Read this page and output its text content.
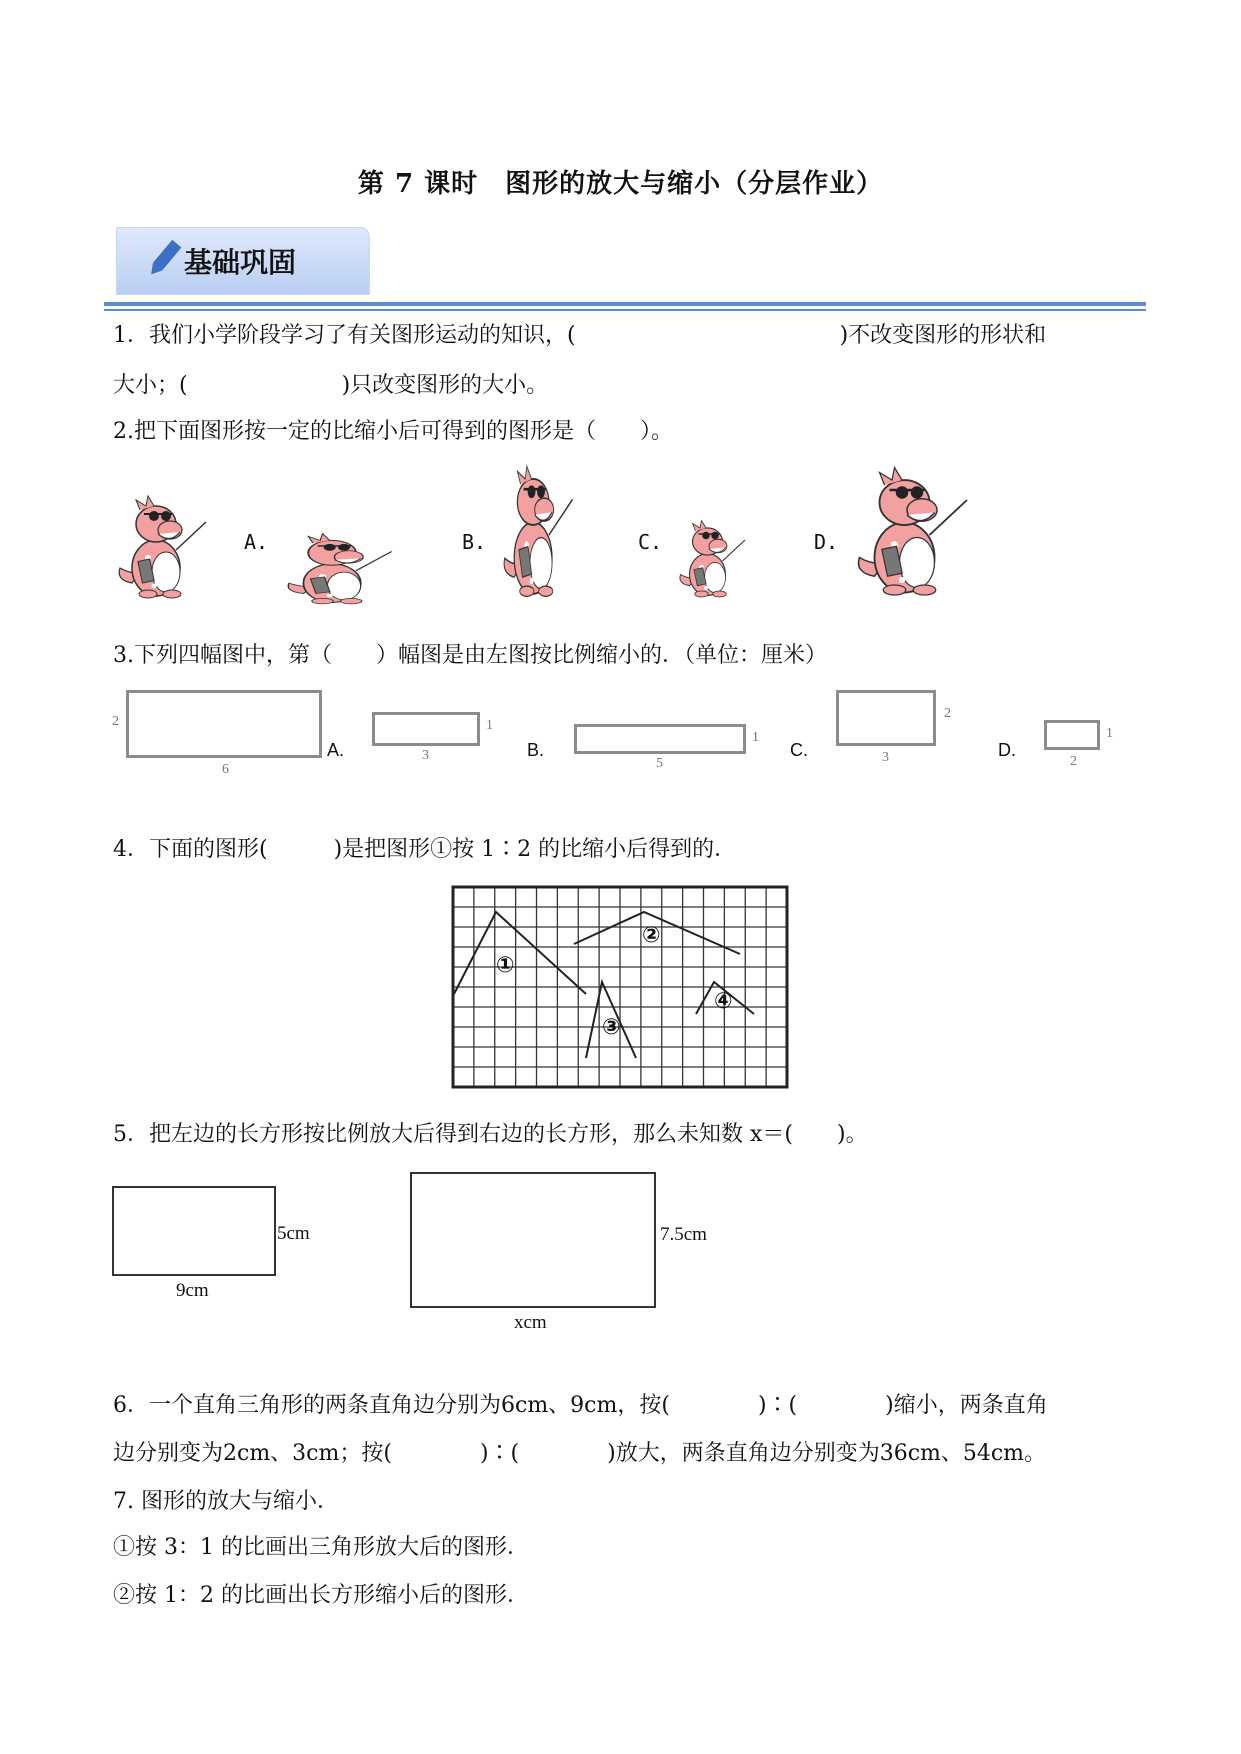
第 7 课时　图形的放大与缩小（分层作业）
基础巩固
1．我们小学阶段学习了有关图形运动的知识，(　　　　　　　　　　　　)不改变图形的形状和
大小；(　　　　　　　)只改变图形的大小。
2.把下面图形按一定的比缩小后可得到的图形是（　　）。
A.	B.	C.	D.
3.下列四幅图中，第（　　）幅图是由左图按比例缩小的．（单位：厘米）
2
6
A.
1
3	B.
1
5
C.
2
3	D.
1
2
4．下面的图形(　　　)是把图形①按 1∶2 的比缩小后得到的．
①
②
③
④
5．把左边的长方形按比例放大后得到右边的长方形，那么未知数 x＝(　　)。
5cm
9cm
7.5cm
xcm
6．一个直角三角形的两条直角边分别为6cm、9cm，按(　　　　)∶(　　　　)缩小，两条直角
边分别变为2cm、3cm；按(　　　　)∶(　　　　)放大，两条直角边分别变为36cm、54cm。
7. 图形的放大与缩小．
①按 3：1 的比画出三角形放大后的图形．
②按 1：2 的比画出长方形缩小后的图形．
